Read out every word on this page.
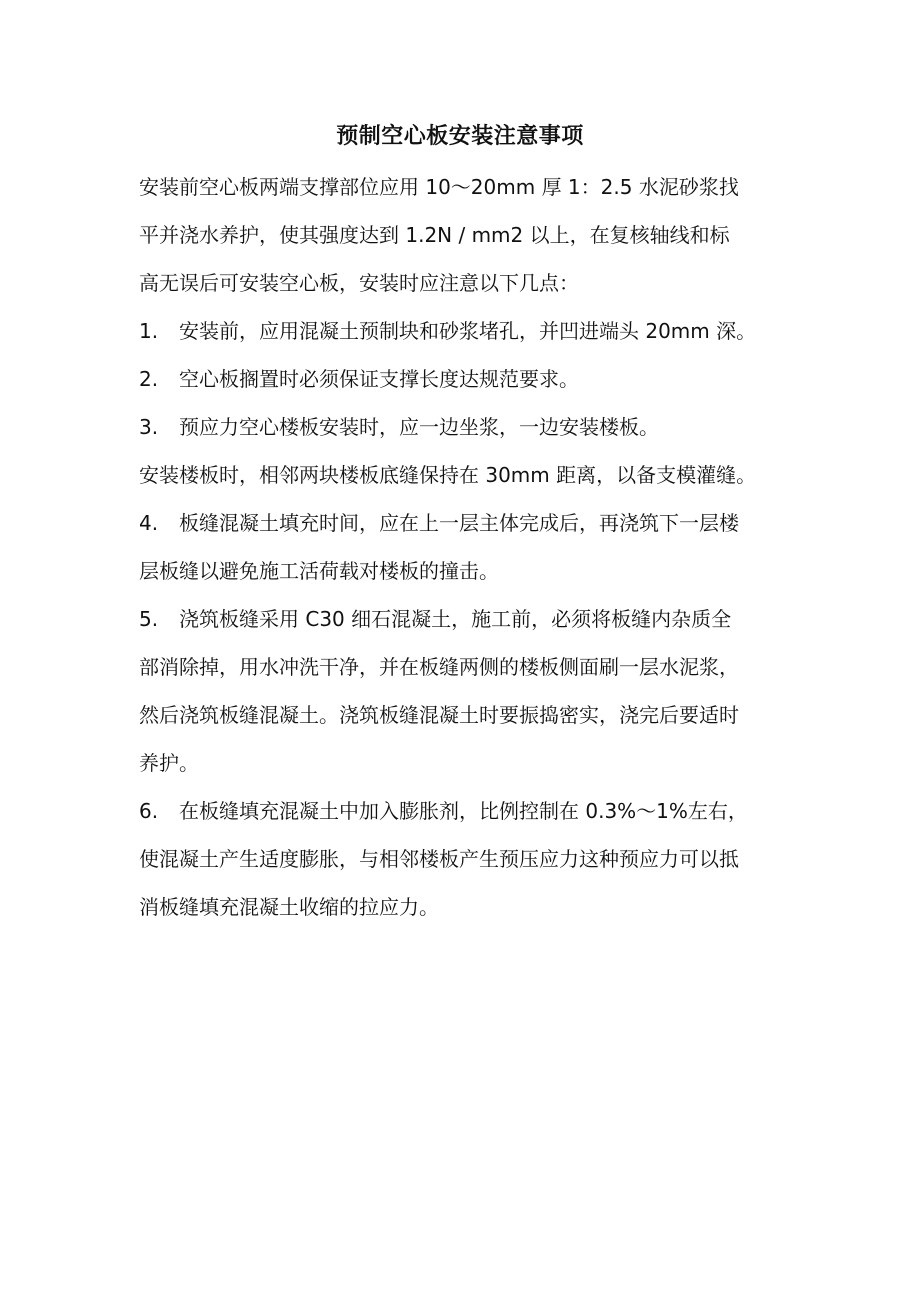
预制空心板安装注意事项
安装前空心板两端支撑部位应用 10～20mm 厚 1：2.5 水泥砂浆找
平并浇水养护，使其强度达到 1.2N / mm2 以上，在复核轴线和标
高无误后可安装空心板，安装时应注意以下几点：
1. 安装前，应用混凝土预制块和砂浆堵孔，并凹进端头 20mm 深。
2. 空心板搁置时必须保证支撑长度达规范要求。
3. 预应力空心楼板安装时，应一边坐浆，一边安装楼板。
安装楼板时，相邻两块楼板底缝保持在 30mm 距离，以备支模灌缝。
4. 板缝混凝土填充时间，应在上一层主体完成后，再浇筑下一层楼
层板缝以避免施工活荷载对楼板的撞击。
5. 浇筑板缝采用 C30 细石混凝土，施工前，必须将板缝内杂质全
部消除掉，用水冲洗干净，并在板缝两侧的楼板侧面刷一层水泥浆，
然后浇筑板缝混凝土。浇筑板缝混凝土时要振捣密实，浇完后要适时
养护。
6. 在板缝填充混凝土中加入膨胀剂，比例控制在 0.3%～1%左右，
使混凝土产生适度膨胀，与相邻楼板产生预压应力这种预应力可以抵
消板缝填充混凝土收缩的拉应力。
